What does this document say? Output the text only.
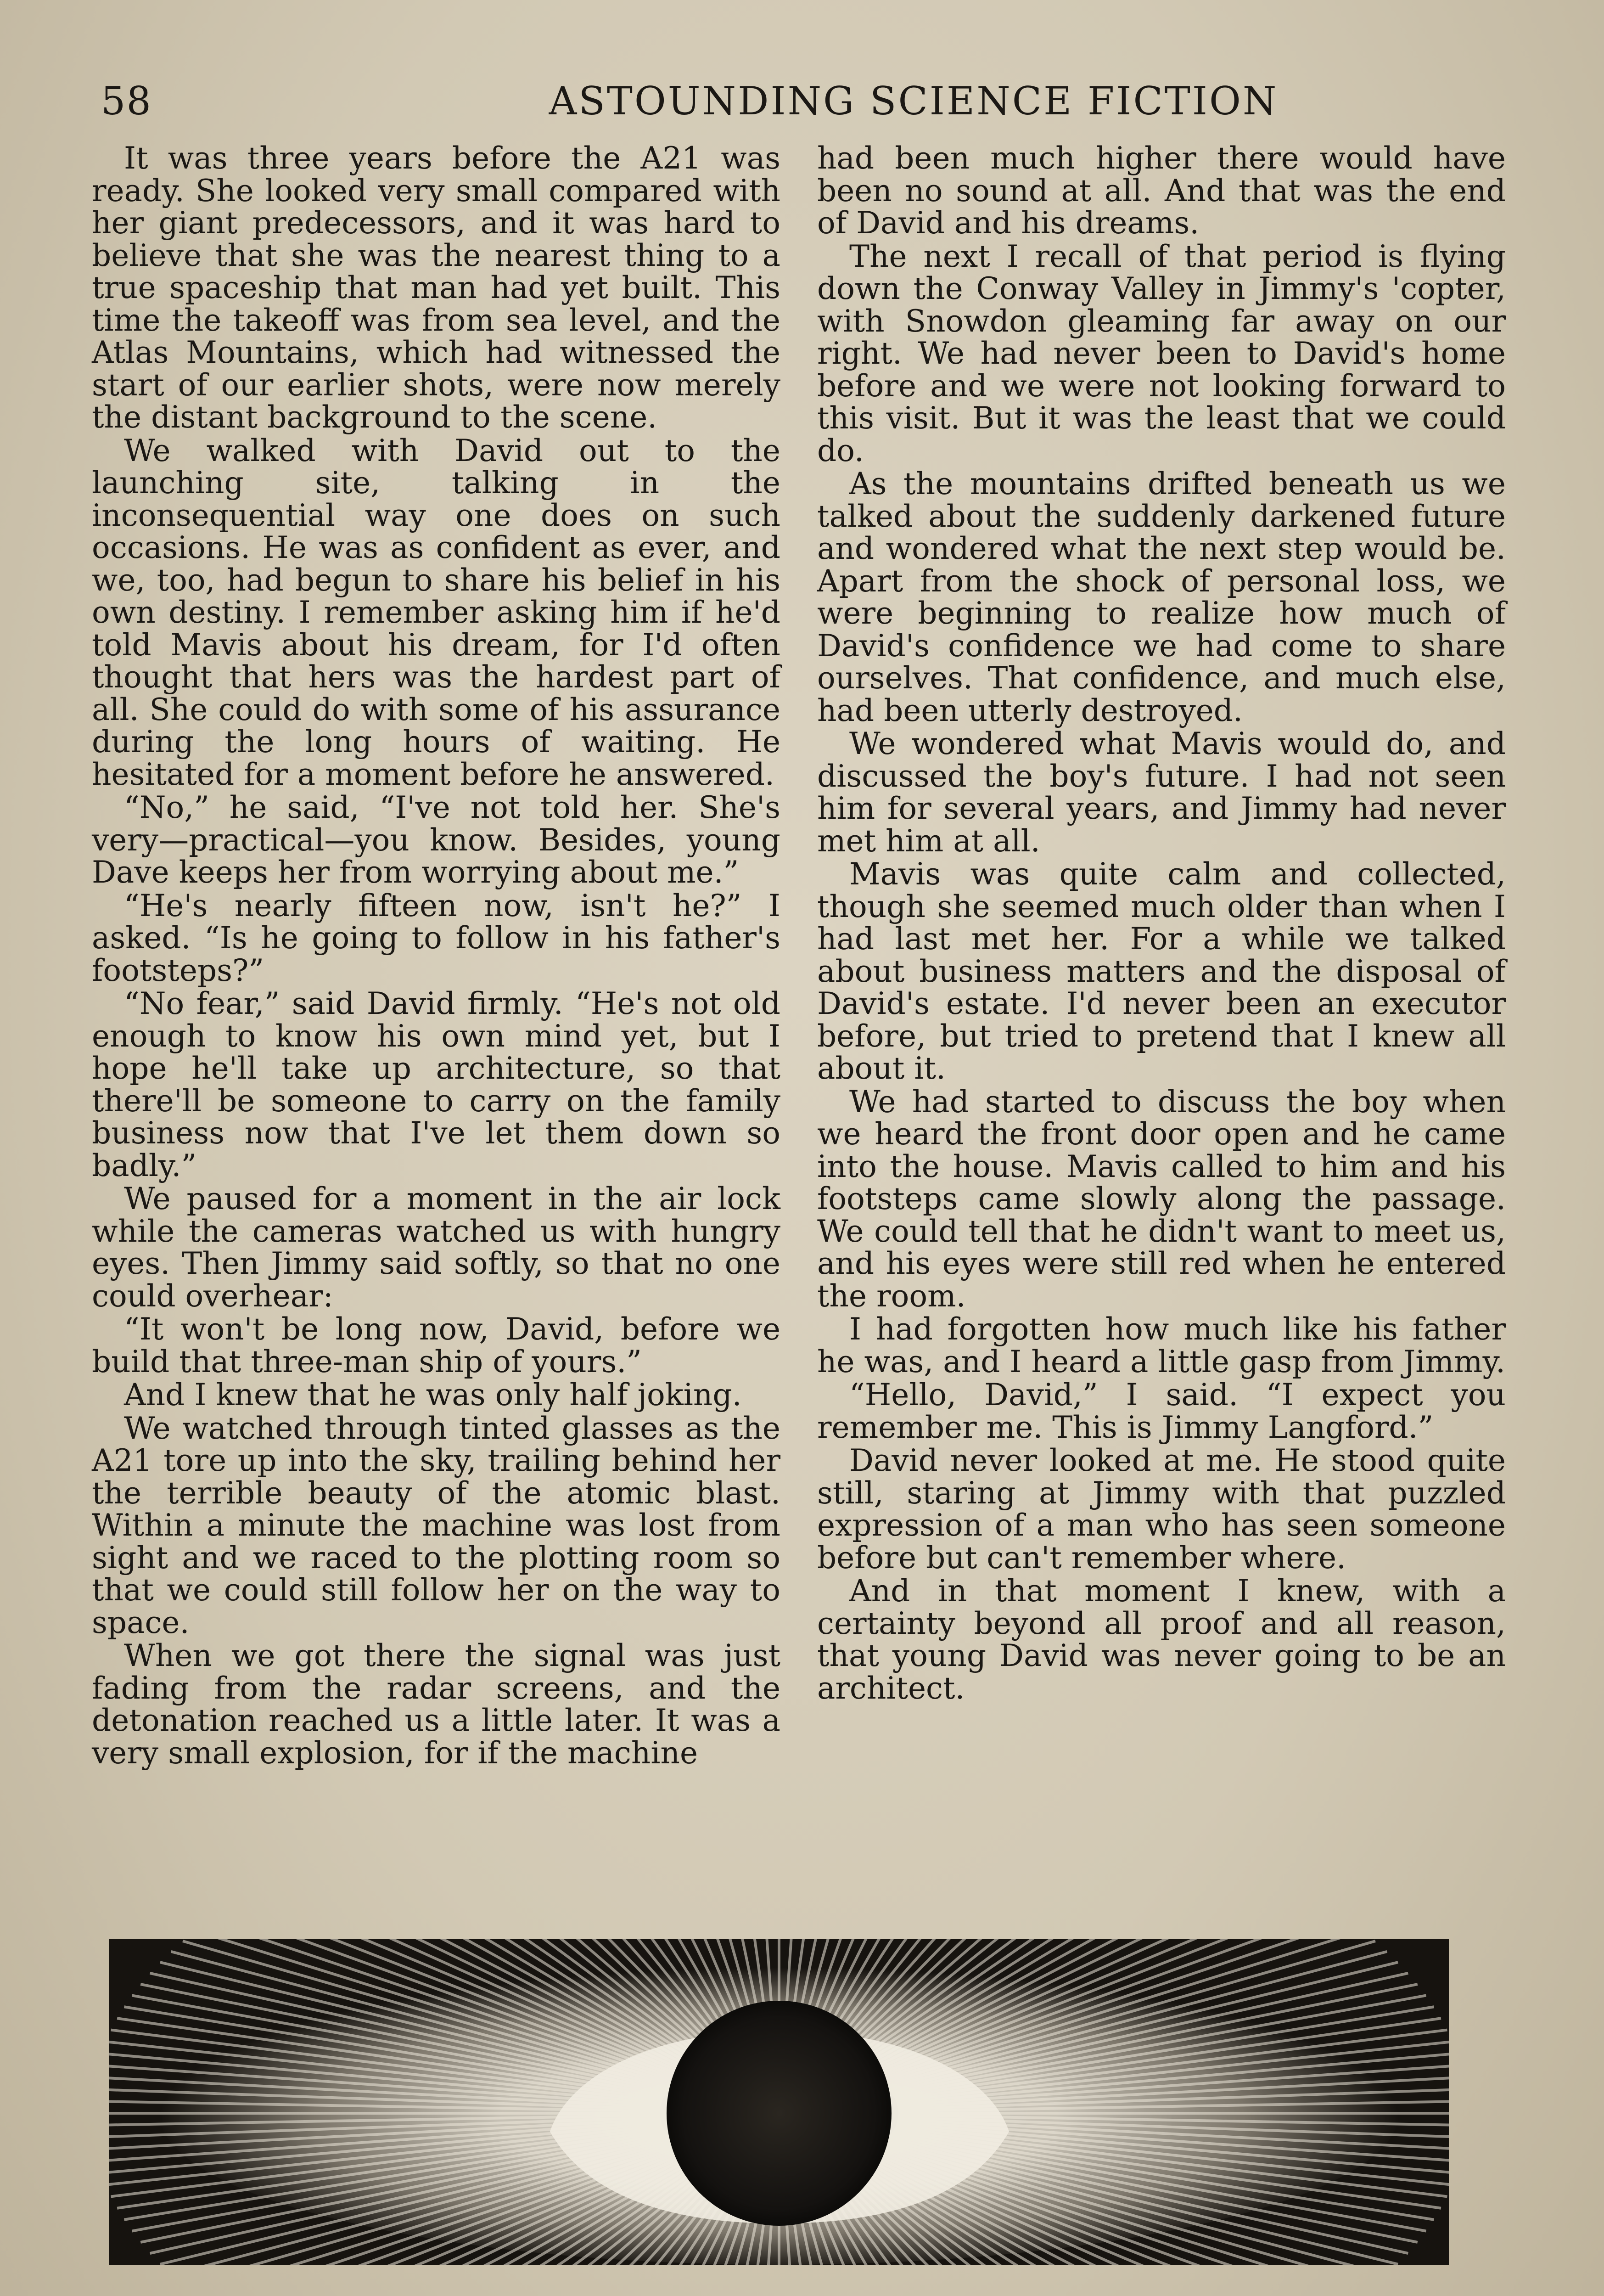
58	ASTOUNDING SCIENCE FICTION

It was three years before the A21 was ready. She looked very small compared with her giant predecessors, and it was hard to believe that she was the nearest thing to a true spaceship that man had yet built. This time the takeoff was from sea level, and the Atlas Mountains, which had witnessed the start of our earlier shots, were now merely the distant background to the scene.

We walked with David out to the launching site, talking in the inconsequential way one does on such occasions. He was as confident as ever, and we, too, had begun to share his belief in his own destiny. I remember asking him if he'd told Mavis about his dream, for I'd often thought that hers was the hardest part of all. She could do with some of his assurance during the long hours of waiting. He hesitated for a moment before he answered.

“No,” he said, “I've not told her. She's very—practical—you know. Besides, young Dave keeps her from worrying about me.”

“He's nearly fifteen now, isn't he?” I asked. “Is he going to follow in his father's footsteps?”

“No fear,” said David firmly. “He's not old enough to know his own mind yet, but I hope he'll take up architecture, so that there'll be someone to carry on the family business now that I've let them down so badly.”

We paused for a moment in the air lock while the cameras watched us with hungry eyes. Then Jimmy said softly, so that no one could overhear:

“It won't be long now, David, before we build that three-man ship of yours.”

And I knew that he was only half joking.

We watched through tinted glasses as the A21 tore up into the sky, trailing behind her the terrible beauty of the atomic blast. Within a minute the machine was lost from sight and we raced to the plotting room so that we could still follow her on the way to space.

When we got there the signal was just fading from the radar screens, and the detonation reached us a little later. It was a very small explosion, for if the machine

had been much higher there would have been no sound at all. And that was the end of David and his dreams.

The next I recall of that period is flying down the Conway Valley in Jimmy's 'copter, with Snowdon gleaming far away on our right. We had never been to David's home before and we were not looking forward to this visit. But it was the least that we could do.

As the mountains drifted beneath us we talked about the suddenly darkened future and wondered what the next step would be. Apart from the shock of personal loss, we were beginning to realize how much of David's confidence we had come to share ourselves. That confidence, and much else, had been utterly destroyed.

We wondered what Mavis would do, and discussed the boy's future. I had not seen him for several years, and Jimmy had never met him at all.

Mavis was quite calm and collected, though she seemed much older than when I had last met her. For a while we talked about business matters and the disposal of David's estate. I'd never been an executor before, but tried to pretend that I knew all about it.

We had started to discuss the boy when we heard the front door open and he came into the house. Mavis called to him and his footsteps came slowly along the passage. We could tell that he didn't want to meet us, and his eyes were still red when he entered the room.

I had forgotten how much like his father he was, and I heard a little gasp from Jimmy.

“Hello, David,” I said. “I expect you remember me. This is Jimmy Langford.”

David never looked at me. He stood quite still, staring at Jimmy with that puzzled expression of a man who has seen someone before but can't remember where.

And in that moment I knew, with a certainty beyond all proof and all reason, that young David was never going to be an architect.
